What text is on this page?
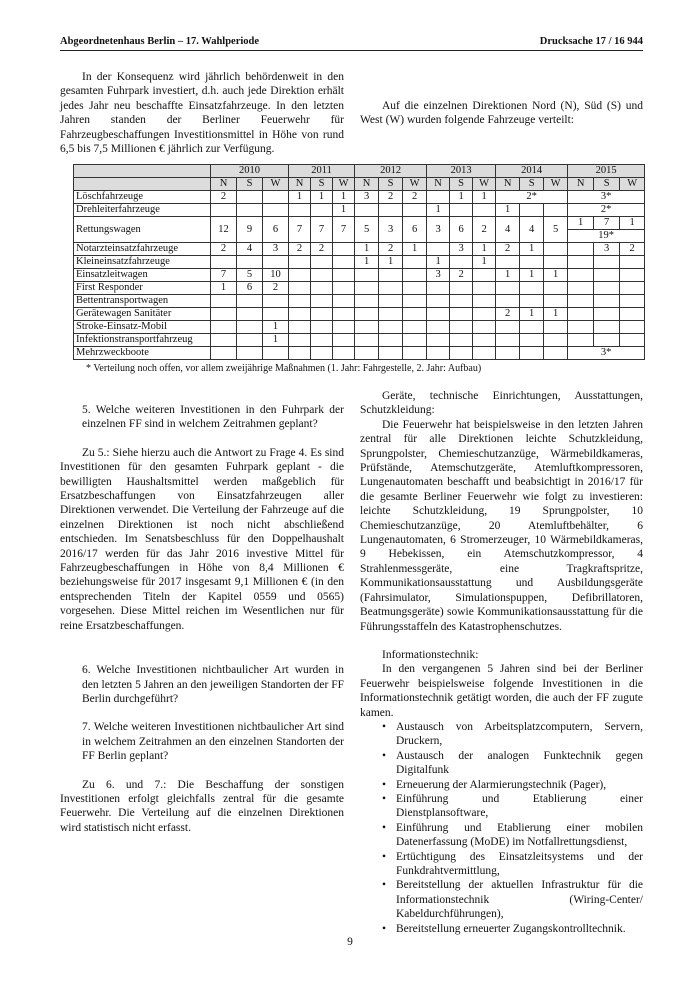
Abgeordnetenhaus Berlin – 17. Wahlperiode	Drucksache 17 / 16 944

In der Konsequenz wird jährlich behördenweit in den gesamten Fuhrpark investiert, d.h. auch jede Direktion erhält jedes Jahr neu beschaffte Einsatzfahrzeuge. In den letzten Jahren standen der Berliner Feuerwehr für Fahrzeugbeschaffungen Investitionsmittel in Höhe von rund 6,5 bis 7,5 Millionen € jährlich zur Verfügung.

Auf die einzelnen Direktionen Nord (N), Süd (S) und West (W) wurden folgende Fahrzeuge verteilt:

	2010			2011			2012			2013			2014			2015		
	N	S	W	N	S	W	N	S	W	N	S	W	N	S	W	N	S	W
Löschfahrzeuge	2			1	1	1	3	2	2		1	1	2*			3*		
Drehleiterfahrzeuge						1				1			1			2*		
Rettungswagen	12	9	6	7	7	7	5	3	6	3	6	2	4	4	5	1	7	1
																19*		
Notarzteinsatzfahrzeuge	2	4	3	2	2		1	2	1		3	1	2	1			3	2
Kleineinsatzfahrzeuge							1	1		1		1						
Einsatzleitwagen	7	5	10							3	2		1	1	1			
First Responder	1	6	2															
Bettentransportwagen																		
Gerätewagen Sanitäter													2	1	1			
Stroke-Einsatz-Mobil			1															
Infektionstransportfahrzeug			1															
Mehrzweckboote																3*		
* Verteilung noch offen, vor allem zweijährige Maßnahmen (1. Jahr: Fahrgestelle, 2. Jahr: Aufbau)

5. Welche weiteren Investitionen in den Fuhrpark der einzelnen FF sind in welchem Zeitrahmen geplant?

Zu 5.: Siehe hierzu auch die Antwort zu Frage 4. Es sind Investitionen für den gesamten Fuhrpark geplant - die bewilligten Haushaltsmittel werden maßgeblich für Ersatzbeschaffungen von Einsatzfahrzeugen aller Direktionen verwendet. Die Verteilung der Fahrzeuge auf die einzelnen Direktionen ist noch nicht abschließend entschieden. Im Senatsbeschluss für den Doppelhaushalt 2016/17 werden für das Jahr 2016 investive Mittel für Fahrzeugbeschaffungen in Höhe von 8,4 Millionen € beziehungsweise für 2017 insgesamt 9,1 Millionen € (in den entsprechenden Titeln der Kapitel 0559 und 0565) vorgesehen. Diese Mittel reichen im Wesentlichen nur für reine Ersatzbeschaffungen.

6. Welche Investitionen nichtbaulicher Art wurden in den letzten 5 Jahren an den jeweiligen Standorten der FF Berlin durchgeführt?

7. Welche weiteren Investitionen nichtbaulicher Art sind in welchem Zeitrahmen an den einzelnen Standorten der FF Berlin geplant?

Zu 6. und 7.: Die Beschaffung der sonstigen Investitionen erfolgt gleichfalls zentral für die gesamte Feuerwehr. Die Verteilung auf die einzelnen Direktionen wird statistisch nicht erfasst.

Geräte, technische Einrichtungen, Ausstattungen, Schutzkleidung:

Die Feuerwehr hat beispielsweise in den letzten Jahren zentral für alle Direktionen leichte Schutzkleidung, Sprungpolster, Chemieschutzanzüge, Wärmebildkameras, Prüfstände, Atemschutzgeräte, Atemluftkompressoren, Lungenautomaten beschafft und beabsichtigt in 2016/17 für die gesamte Berliner Feuerwehr wie folgt zu investieren: leichte Schutzkleidung, 19 Sprungpolster, 10 Chemieschutzanzüge, 20 Atemluftbehälter, 6 Lungenautomaten, 6 Stromerzeuger, 10 Wärmebildkameras, 9 Hebekissen, ein Atemschutzkompressor, 4 Strahlenmessgeräte, eine Tragkraftspritze, Kommunikationsausstattung und Ausbildungsgeräte (Fahrsimulator, Simulationspuppen, Defibrillatoren, Beatmungsgeräte) sowie Kommunikationsausstattung für die Führungsstaffeln des Katastrophenschutzes.

Informationstechnik:

In den vergangenen 5 Jahren sind bei der Berliner Feuerwehr beispielsweise folgende Investitionen in die Informationstechnik getätigt worden, die auch der FF zugute kamen.

• Austausch von Arbeitsplatzcomputern, Servern, Druckern,
• Austausch der analogen Funktechnik gegen Digitalfunk
• Erneuerung der Alarmierungstechnik (Pager),
• Einführung und Etablierung einer Dienstplansoftware,
• Einführung und Etablierung einer mobilen Datenerfassung (MoDE) im Notfallrettungsdienst,
• Ertüchtigung des Einsatzleitsystems und der Funkdrahtvermittlung,
• Bereitstellung der aktuellen Infrastruktur für die Informationstechnik (Wiring-Center/ Kabeldurchführungen),
• Bereitstellung erneuerter Zugangskontrolltechnik.
9
